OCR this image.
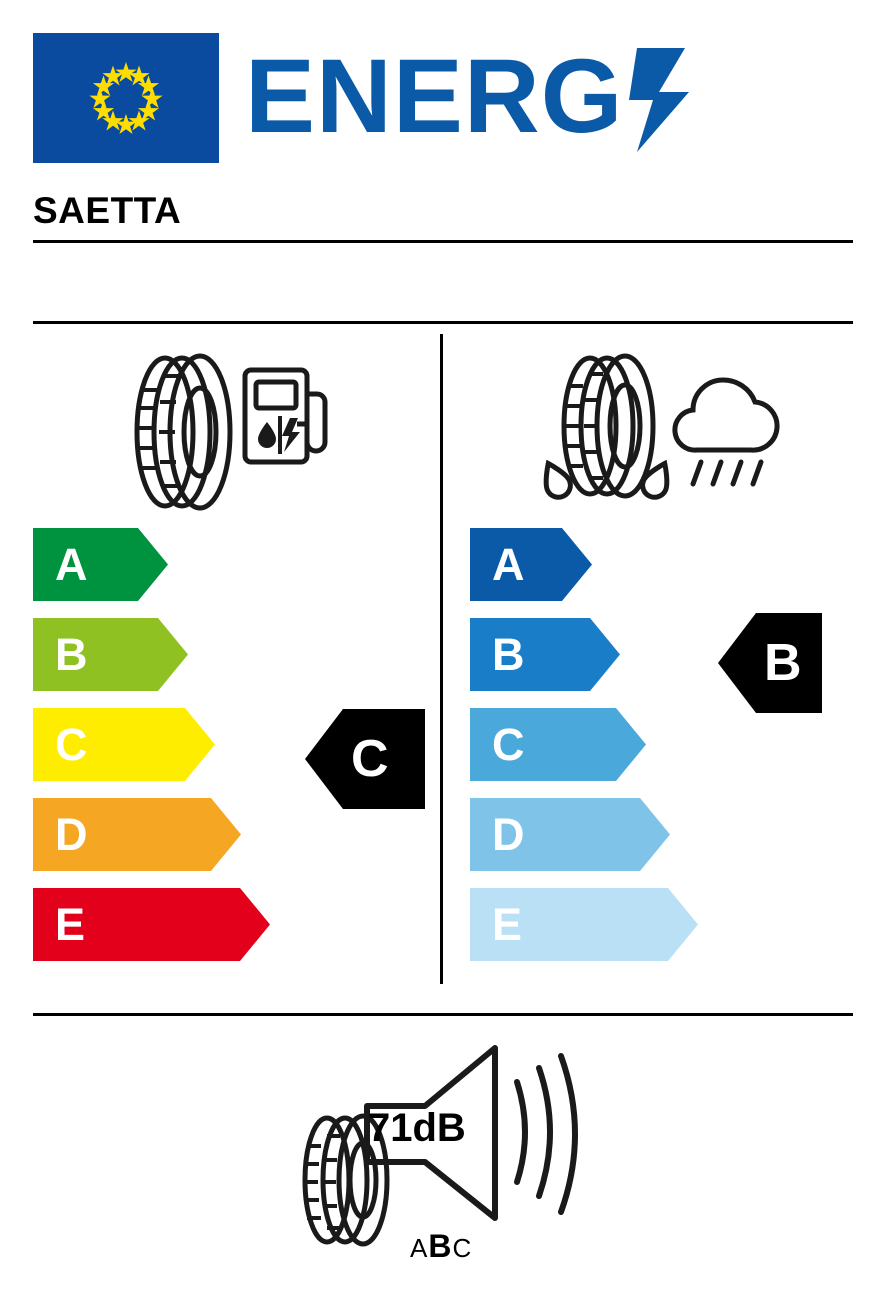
ENERG
SAETTA
A
B
C
D
E
C
A
B
C
D
E
B
71dB
ABC
